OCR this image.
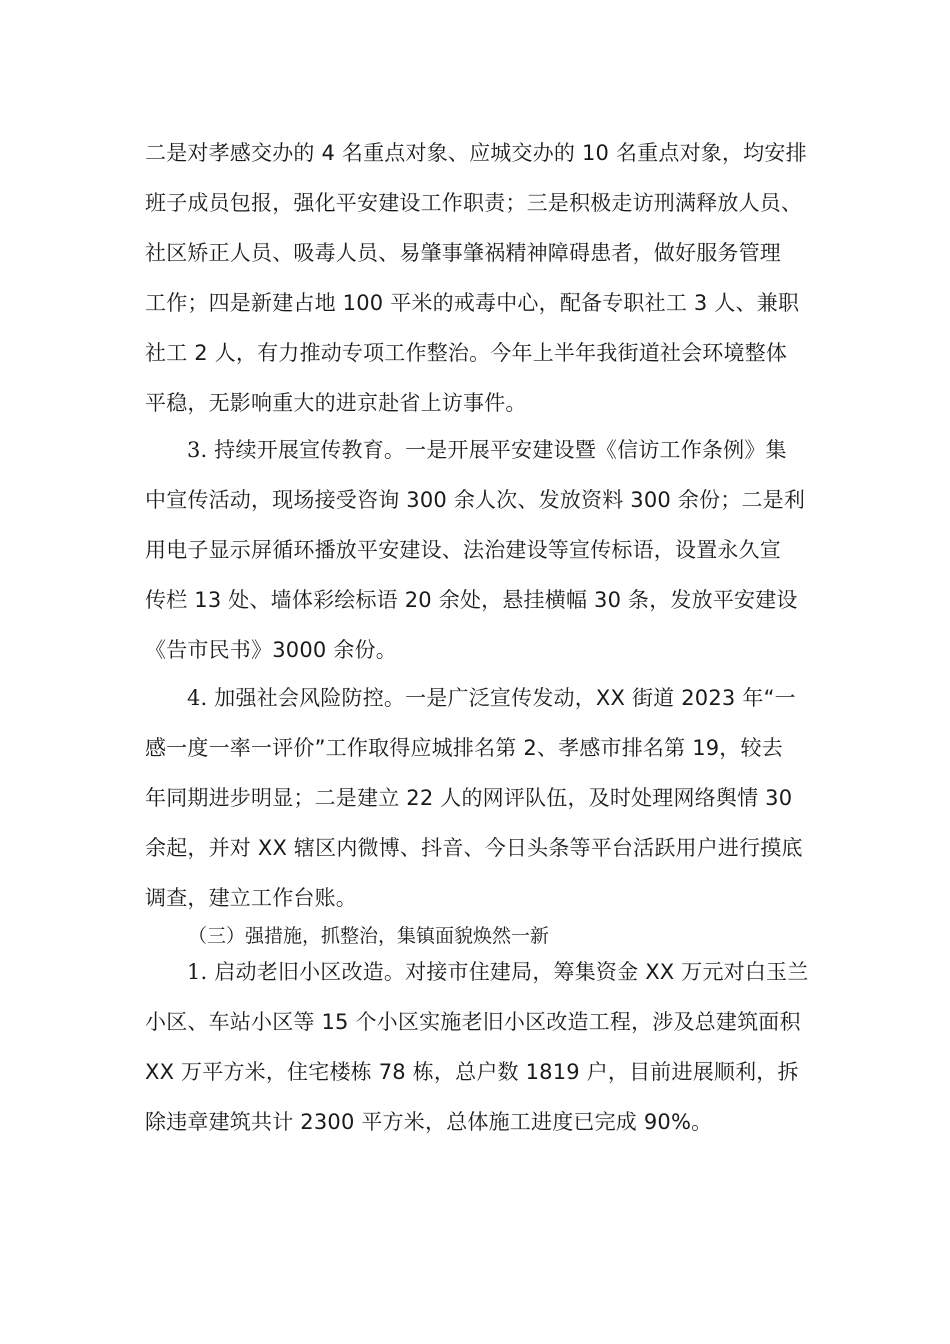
二是对孝感交办的 4 名重点对象、应城交办的 10 名重点对象，均安排
班子成员包报，强化平安建设工作职责；三是积极走访刑满释放人员、
社区矫正人员、吸毒人员、易肇事肇祸精神障碍患者，做好服务管理
工作；四是新建占地 100 平米的戒毒中心，配备专职社工 3 人、兼职
社工 2 人，有力推动专项工作整治。今年上半年我街道社会环境整体
平稳，无影响重大的进京赴省上访事件。
3. 持续开展宣传教育。一是开展平安建设暨《信访工作条例》集
中宣传活动，现场接受咨询 300 余人次、发放资料 300 余份；二是利
用电子显示屏循环播放平安建设、法治建设等宣传标语，设置永久宣
传栏 13 处、墙体彩绘标语 20 余处，悬挂横幅 30 条，发放平安建设
《告市民书》3000 余份。
4. 加强社会风险防控。一是广泛宣传发动，XX 街道 2023 年“一
感一度一率一评价”工作取得应城排名第 2、孝感市排名第 19，较去
年同期进步明显；二是建立 22 人的网评队伍，及时处理网络舆情 30
余起，并对 XX 辖区内微博、抖音、今日头条等平台活跃用户进行摸底
调查，建立工作台账。
（三）强措施，抓整治，集镇面貌焕然一新
1. 启动老旧小区改造。对接市住建局，筹集资金 XX 万元对白玉兰
小区、车站小区等 15 个小区实施老旧小区改造工程，涉及总建筑面积
XX 万平方米，住宅楼栋 78 栋，总户数 1819 户，目前进展顺利，拆
除违章建筑共计 2300 平方米，总体施工进度已完成 90%。
